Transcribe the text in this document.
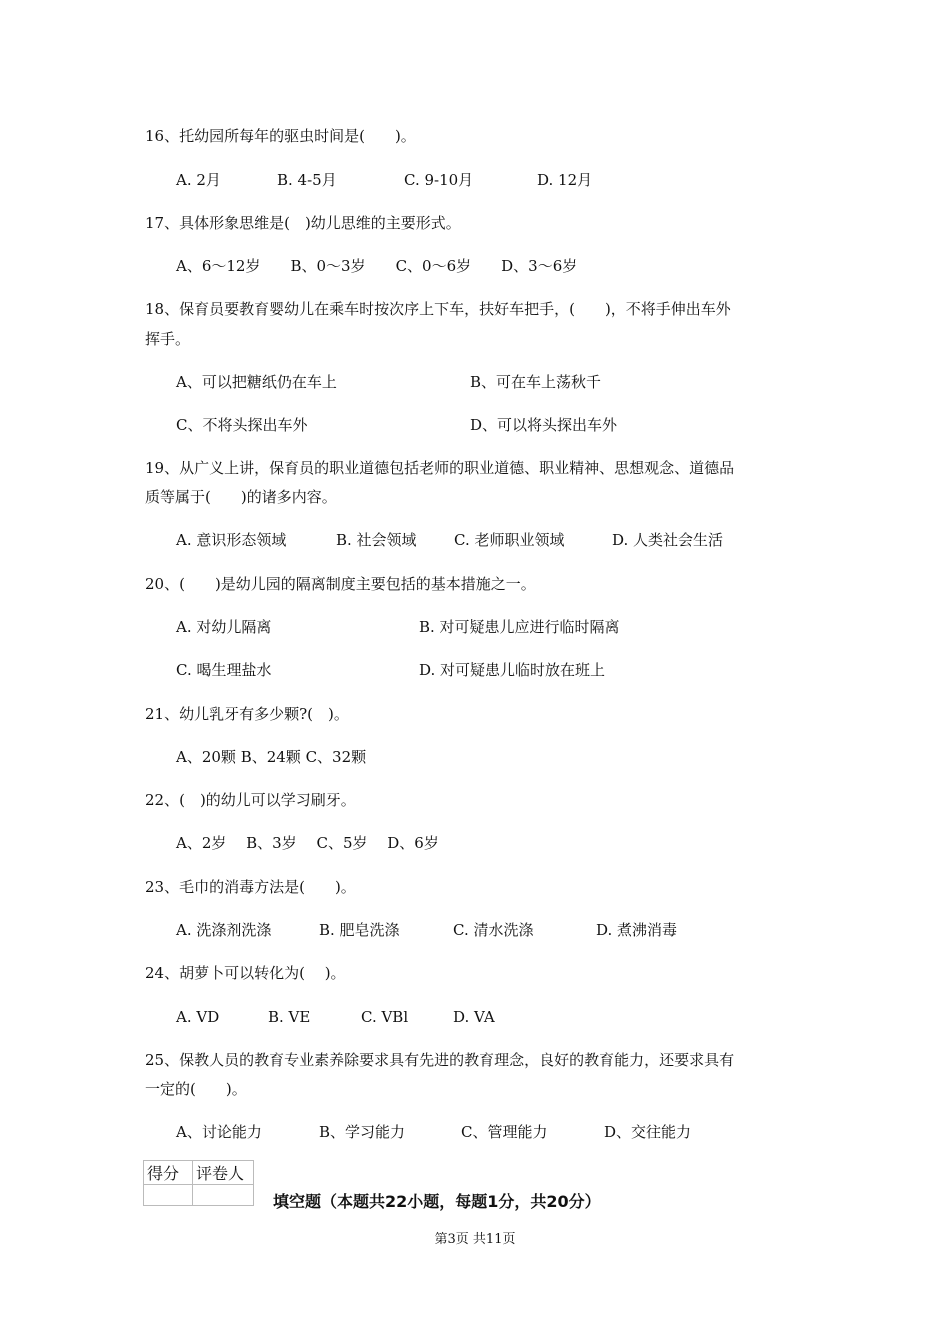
16、托幼园所每年的驱虫时间是(　　)。
A. 2月	B. 4-5月	C. 9-10月	D. 12月
17、具体形象思维是(　)幼儿思维的主要形式。
A、6～12岁　　B、0～3岁　　C、0～6岁　　D、3～6岁
18、保育员要教育婴幼儿在乘车时按次序上下车，扶好车把手，(　　)，不将手伸出车外
挥手。
A、可以把糖纸仍在车上	B、可在车上荡秋千
C、不将头探出车外	D、可以将头探出车外
19、从广义上讲，保育员的职业道德包括老师的职业道德、职业精神、思想观念、道德品
质等属于(　　)的诸多内容。
A. 意识形态领域	B. 社会领域 C. 老师职业领域	D. 人类社会生活
20、(　　)是幼儿园的隔离制度主要包括的基本措施之一。
A. 对幼儿隔离	B. 对可疑患儿应进行临时隔离
C. 喝生理盐水	D. 对可疑患儿临时放在班上
21、幼儿乳牙有多少颗?(　)。
A、20颗 B、24颗 C、32颗
22、(　)的幼儿可以学习刷牙。
A、2岁　 B、3岁　 C、5岁　 D、6岁
23、毛巾的消毒方法是(　　)。
A. 洗涤剂洗涤	B. 肥皂洗涤	C. 清水洗涤	D. 煮沸消毒
24、胡萝卜可以转化为(　 )。
A. VD	B. VE	C. VBl	D. VA
25、保教人员的教育专业素养除要求具有先进的教育理念，良好的教育能力，还要求具有
一定的(　　)。
A、讨论能力	B、学习能力	C、管理能力	D、交往能力
得分	评卷人

填空题（本题共22小题，每题1分，共20分）
第3页 共11页
